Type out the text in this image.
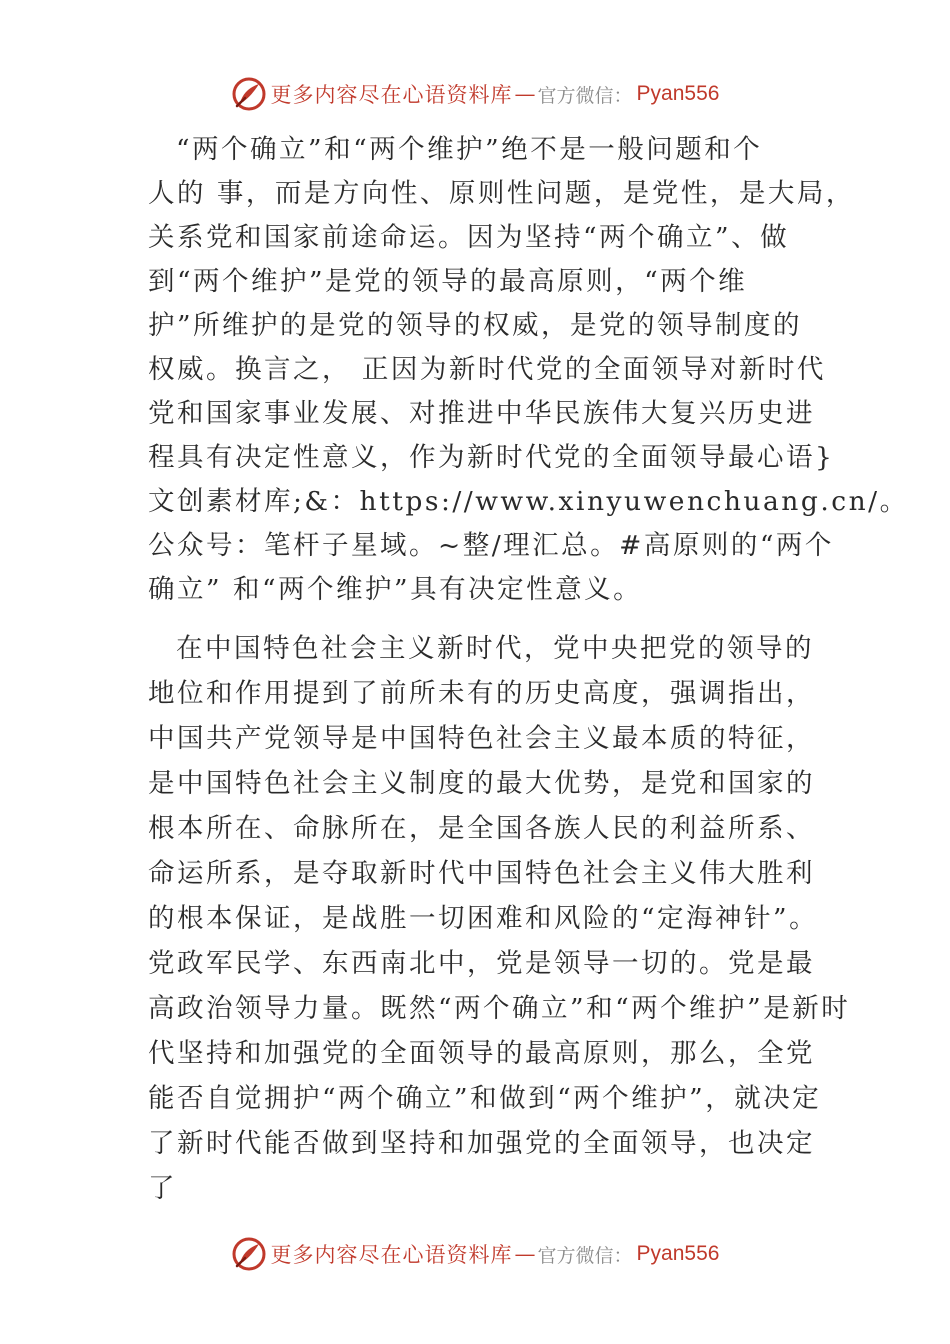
更多内容尽在心语资料库 — 官方微信： Pyan556
“两个确立”和“两个维护”绝不是一般问题和个
人的 事，而是方向性、原则性问题，是党性，是大局，
关系党和国家前途命运。因为坚持“两个确立”、做
到“两个维护”是党的领导的最高原则，“两个维
护”所维护的是党的领导的权威，是党的领导制度的
权威。换言之， 正因为新时代党的全面领导对新时代
党和国家事业发展、对推进中华民族伟大复兴历史进
程具有决定性意义，作为新时代党的全面领导最心语}
文创素材库;&：https://www.xinyuwenchuang.cn/。
公众号：笔杆子星域。~整/理汇总。#高原则的“两个
确立” 和“两个维护”具有决定性意义。
在中国特色社会主义新时代，党中央把党的领导的
地位和作用提到了前所未有的历史高度，强调指出，
中国共产党领导是中国特色社会主义最本质的特征，
是中国特色社会主义制度的最大优势，是党和国家的
根本所在、命脉所在，是全国各族人民的利益所系、
命运所系，是夺取新时代中国特色社会主义伟大胜利
的根本保证，是战胜一切困难和风险的“定海神针”。
党政军民学、东西南北中，党是领导一切的。党是最
高政治领导力量。既然“两个确立”和“两个维护”是新时
代坚持和加强党的全面领导的最高原则，那么，全党
能否自觉拥护“两个确立”和做到“两个维护”，就决定
了新时代能否做到坚持和加强党的全面领导，也决定
了
更多内容尽在心语资料库 — 官方微信： Pyan556
